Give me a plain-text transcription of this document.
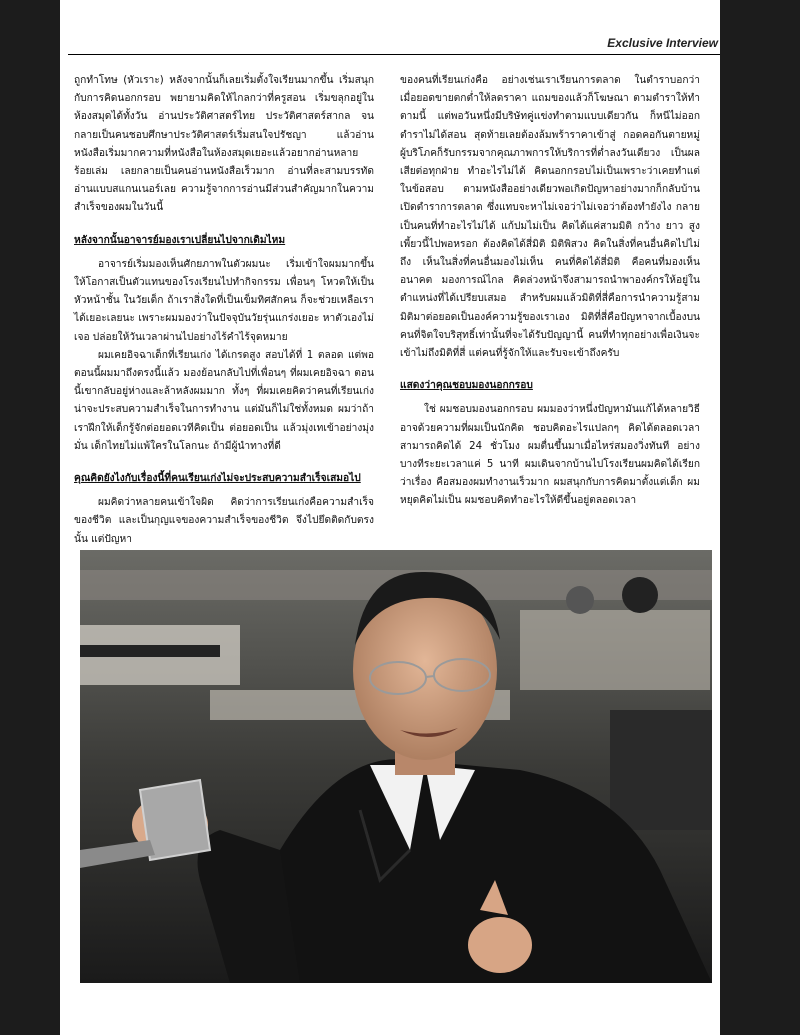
Exclusive Interview

ถูกทำโทษ (หัวเราะ) หลังจากนั้นก็เลยเริ่มตั้งใจเรียนมากขึ้น เริ่มสนุกกับการคิดนอกกรอบ พยายามคิดให้ไกลกว่าที่ครูสอน เริ่มขลุกอยู่ในห้องสมุดได้ทั้งวัน อ่านประวัติศาสตร์ไทย ประวัติศาสตร์สากล จนกลายเป็นคนชอบศึกษาประวัติศาสตร์เริ่มสนใจปรัชญา แล้วอ่านหนังสือเริ่มมากความที่หนังสือในห้องสมุดเยอะแล้วอยากอ่านหลายร้อยเล่ม เลยกลายเป็นคนอ่านหนังสือเร็วมาก อ่านที่ละสามบรรทัด อ่านแบบสแกนเนอร์เลย ความรู้จากการอ่านมีส่วนสำคัญมากในความสำเร็จของผมในวันนี้

หลังจากนั้นอาจารย์มองเราเปลี่ยนไปจากเดิมไหม

อาจารย์เริ่มมองเห็นศักยภาพในตัวผมนะ เริ่มเข้าใจผมมากขึ้น ให้โอกาสเป็นตัวแทนของโรงเรียนไปทำกิจกรรม เพื่อนๆ โหวตให้เป็นหัวหน้าชั้น ในวัยเด็ก ถ้าเราสิ่งใดที่เป็นเข็มทิศสักคน ก็จะช่วยเหลือเราได้เยอะเลยนะ เพราะผมมองว่าในปัจจุบันวัยรุ่นแกร่งเยอะ หาตัวเองไม่เจอ ปล่อยให้วันเวลาผ่านไปอย่างไร้คำไร้จุดหมาย

ผมเคยอิจฉาเด็กที่เรียนเก่ง ได้เกรดสูง สอบได้ที่ 1 ตลอด แต่พอตอนนี้ผมมาถึงตรงนี้แล้ว มองย้อนกลับไปที่เพื่อนๆ ที่ผมเคยอิจฉา ตอนนี้เขากลับอยู่ห่างและล้าหลังผมมาก ทั้งๆ ที่ผมเคยคิดว่าคนที่เรียนเก่งน่าจะประสบความสำเร็จในการทำงาน แต่มันก็ไม่ใช่ทั้งหมด ผมว่าถ้าเราฝึกให้เด็กรู้จักต่อยอดเวทีคิดเป็น ต่อยอดเป็น แล้วมุ่งเทเข้าอย่างมุ่งมั่น เด็กไทยไม่แพ้ใครในโลกนะ ถ้ามีผู้นำทางที่ดี

คุณคิดยังไงกับเรื่องนี้ที่คนเรียนเก่งไม่จะประสบความสำเร็จเสมอไป

ผมคิดว่าหลายคนเข้าใจผิด คิดว่าการเรียนเก่งคือความสำเร็จของชีวิต และเป็นกุญแจของความสำเร็จของชีวิต จึงไปยึดติดกับตรงนั้น แต่ปัญหา

ของคนที่เรียนเก่งคือ อย่างเช่นเราเรียนการตลาด ในตำราบอกว่า เมื่อยอดขายตกต่ำให้ลดราคา แถมของแล้วก็โฆษณา ตามตำราให้ทำตามนี้ แต่พอวันหนึ่งมีบริษัทคู่แข่งทำตามแบบเดียวกัน ก็หนีไม่ออก ตำราไม่ได้สอน สุดท้ายเลยต้องล้มพร้าราคาเข้าสู่ กอดคอกันตายหมู่ ผู้บริโภคก็รับกรรมจากคุณภาพการให้บริการที่ต่ำลงวันเดียวง เป็นผลเสียต่อทุกฝ่าย ทำอะไรไม่ได้ คิดนอกกรอบไม่เป็นเพราะว่าเคยทำแต่ในข้อสอบ ตามหนังสืออย่างเดียวพอเกิดปัญหาอย่างมากก็กลับบ้านเปิดตำราการตลาด ซึ่งแทบจะหาไม่เจอว่าไม่เจอว่าต้องทำยังไง กลายเป็นคนที่ทำอะไรไม่ได้ แก้ปมไม่เป็น คิดได้แค่สามมิติ กว้าง ยาว สูง เพี้ยวนี้ไปพอหรอก ต้องคิดได้สี่มิติ มิติพิสวง คิดในสิ่งที่คนอื่นคิดไปไม่ถึง เห็นในสิ่งที่คนอื่นมองไม่เห็น คนที่คิดได้สี่มิติ คือคนที่มองเห็นอนาคต มองการณ์ไกล คิดล่วงหน้าจึงสามารถนำพาองค์กรให้อยู่ในตำแหน่งที่ได้เปรียบเสมอ สำหรับผมแล้วมิติที่สี่คือการนำความรู้สามมิติมาต่อยอดเป็นองค์ความรู้ของเราเอง มิติที่สี่คือปัญหาจากเบื้องบน คนที่จิตใจบริสุทธิ์เท่านั้นที่จะได้รับปัญญานี้ คนที่ทำทุกอย่างเพื่อเงินจะเข้าไม่ถึงมิติที่สี่ แต่คนที่รู้จักให้และรับจะเข้าถึงครับ

แสดงว่าคุณชอบมองนอกกรอบ

ใช่ ผมชอบมองนอกกรอบ ผมมองว่าหนึ่งปัญหามันแก้ได้หลายวิธี อาจด้วยความที่ผมเป็นนักคิด ชอบคิดอะไรแปลกๆ คิดได้ตลอดเวลา สามารถคิดได้ 24 ชั่วโมง ผมตื่นขึ้นมาเมื่อไหร่สมองวิ่งทันที อย่างบางทีระยะเวลาแค่ 5 นาที ผมเดินจากบ้านไปโรงเรียนผมคิดได้เรียกว่าเรื่อง คือสมองผมทำงานเร็วมาก ผมสนุกกับการคิดมาตั้งแต่เด็ก ผมหยุดคิดไม่เป็น ผมชอบคิดทำอะไรให้ดีขึ้นอยู่ตลอดเวลา
